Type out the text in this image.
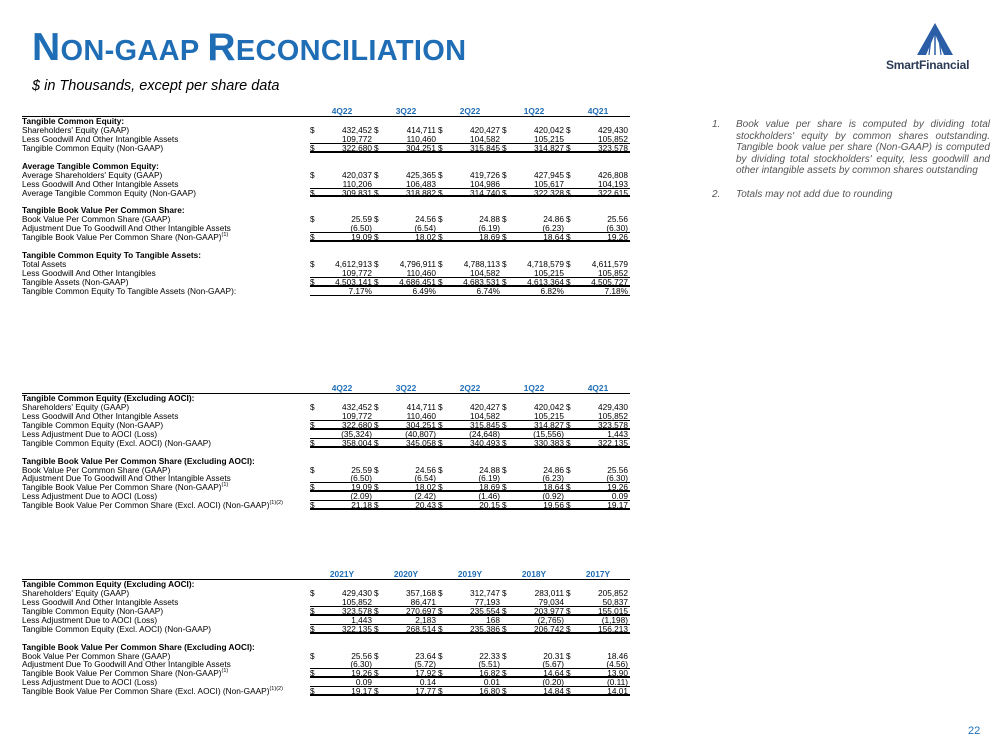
NON-GAAP RECONCILIATION
$ in Thousands, except per share data
SmartFinancial
4Q22	3Q22	2Q22	1Q22	4Q21
Tangible Common Equity:
Shareholders' Equity (GAAP)	$	432,452 $	414,711 $	420,427 $	420,042 $	429,430
Less Goodwill And Other Intangible Assets	109,772	110,460	104,582	105,215	105,852
Tangible Common Equity (Non-GAAP)	$	322,680 $	304,251 $	315,845 $	314,827 $	323,578
Average Tangible Common Equity:
Average Shareholders' Equity (GAAP)	$	420,037 $	425,365 $	419,726 $	427,945 $	426,808
Less Goodwill And Other Intangible Assets	110,206	106,483	104,986	105,617	104,193
Average Tangible Common Equity (Non-GAAP)	$	309,831 $	318,882 $	314,740 $	322,328 $	322,615
Tangible Book Value Per Common Share:
Book Value Per Common Share (GAAP)	$	25.59 $	24.56 $	24.88 $	24.86 $	25.56
Adjustment Due To Goodwill And Other Intangible Assets	(6.50)	(6.54)	(6.19)	(6.23)	(6.30)
Tangible Book Value Per Common Share (Non-GAAP)$^{(1)}$	$	19.09 $	18.02 $	18.69 $	18.64 $	19.26
Tangible Common Equity To Tangible Assets:
Total Assets	$	4,612,913 $	4,796,911 $	4,788,113 $	4,718,579 $	4,611,579
Less Goodwill And Other Intangibles	109,772	110,460	104,582	105,215	105,852
Tangible Assets (Non-GAAP)	$	4,503,141 $	4,686,451 $	4,683,531 $	4,613,364 $	4,505,727
Tangible Common Equity To Tangible Assets (Non-GAAP):	7.17%	6.49%	6.74%	6.82%	7.18%
4Q22	3Q22	2Q22	1Q22	4Q21
Tangible Common Equity (Excluding AOCI):
Shareholders' Equity (GAAP)	$	432,452 $	414,711 $	420,427 $	420,042 $	429,430
Less Goodwill And Other Intangible Assets	109,772	110,460	104,582	105,215	105,852
Tangible Common Equity (Non-GAAP)	$	322,680 $	304,251 $	315,845 $	314,827 $	323,578
Less Adjustment Due to AOCI (Loss)	(35,324)	(40,807)	(24,648)	(15,556)	1,443
Tangible Common Equity (Excl. AOCI) (Non-GAAP)	$	358,004 $	345,058 $	340,493 $	330,383 $	322,135
Tangible Book Value Per Common Share (Excluding AOCI):
Book Value Per Common Share (GAAP)	$	25.59 $	24.56 $	24.88 $	24.86 $	25.56
Adjustment Due To Goodwill And Other Intangible Assets	(6.50)	(6.54)	(6.19)	(6.23)	(6.30)
Tangible Book Value Per Common Share (Non-GAAP)$^{(1)}$	$	19.09 $	18.02 $	18.69 $	18.64 $	19.26
Less Adjustment Due to AOCI (Loss)	(2.09)	(2.42)	(1.46)	(0.92)	0.09
Tangible Book Value Per Common Share (Excl. AOCI) (Non-GAAP)$^{(1)(2)}$	$	21.18 $	20.43 $	20.15 $	19.56 $	19.17
2021Y	2020Y	2019Y	2018Y	2017Y
Tangible Common Equity (Excluding AOCI):
Shareholders' Equity (GAAP)	$	429,430 $	357,168 $	312,747 $	283,011 $	205,852
Less Goodwill And Other Intangible Assets	105,852	86,471	77,193	79,034	50,837
Tangible Common Equity (Non-GAAP)	$	323,578 $	270,697 $	235,554 $	203,977 $	155,015
Less Adjustment Due to AOCI (Loss)	1,443	2,183	168	(2,765)	(1,198)
Tangible Common Equity (Excl. AOCI) (Non-GAAP)	$	322,135 $	268,514 $	235,386 $	206,742 $	156,213
Tangible Book Value Per Common Share (Excluding AOCI):
Book Value Per Common Share (GAAP)	$	25.56 $	23.64 $	22.33 $	20.31 $	18.46
Adjustment Due To Goodwill And Other Intangible Assets	(6.30)	(5.72)	(5.51)	(5.67)	(4.56)
Tangible Book Value Per Common Share (Non-GAAP)$^{(1)}$	$	19.26 $	17.92 $	16.82 $	14.64 $	13.90
Less Adjustment Due to AOCI (Loss)	0.09	0.14	0.01	(0.20)	(0.11)
Tangible Book Value Per Common Share (Excl. AOCI) (Non-GAAP)$^{(1)(2)}$	$	19.17 $	17.77 $	16.80 $	14.84 $	14.01
1.	Book value per share is computed by dividing total stockholders' equity by common shares outstanding. Tangible book value per share (Non-GAAP) is computed by dividing total stockholders' equity, less goodwill and other intangible assets by common shares outstanding
2.	Totals may not add due to rounding
22
